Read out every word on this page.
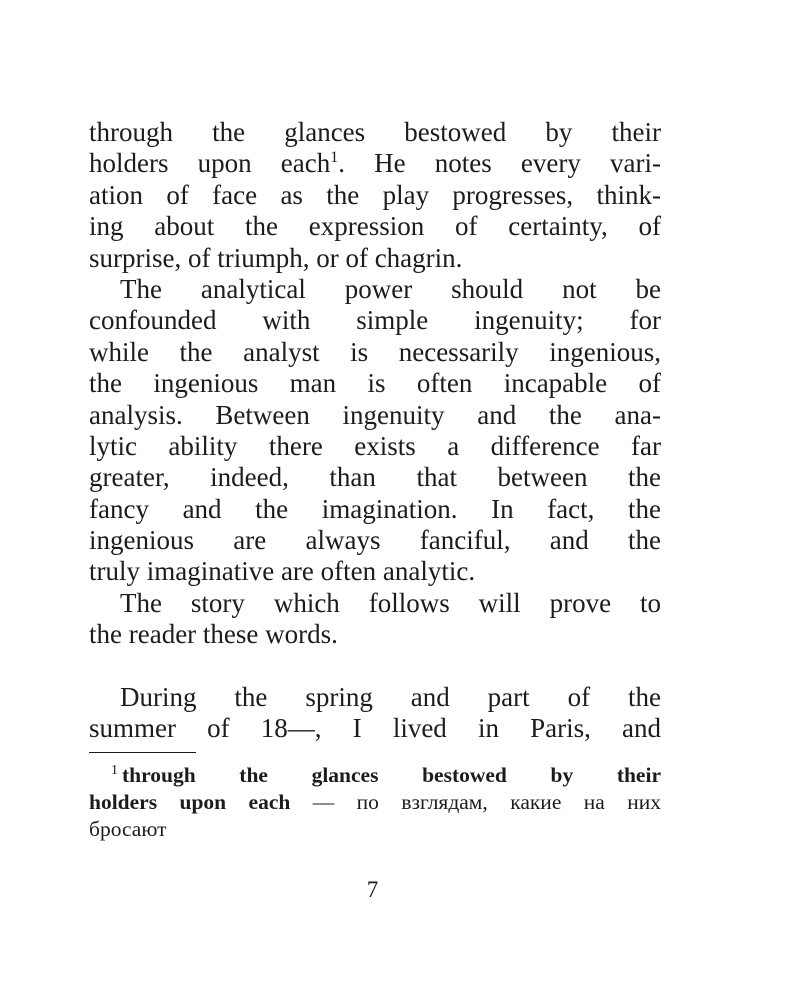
through the glances bestowed by their
holders upon each$^1$. He notes every vari-
ation of face as the play progresses, think-
ing about the expression of certainty, of
surprise, of triumph, or of chagrin.

The analytical power should not be
confounded with simple ingenuity; for
while the analyst is necessarily ingenious,
the ingenious man is often incapable of
analysis. Between ingenuity and the ana-
lytic ability there exists a difference far
greater, indeed, than that between the
fancy and the imagination. In fact, the
ingenious are always fanciful, and the
truly imaginative are often analytic.

The story which follows will prove to
the reader these words.

During the spring and part of the
summer of 18—, I lived in Paris, and

$^1$ through the glances bestowed by their
holders upon each — по взглядам, какие на них
бросают
7
